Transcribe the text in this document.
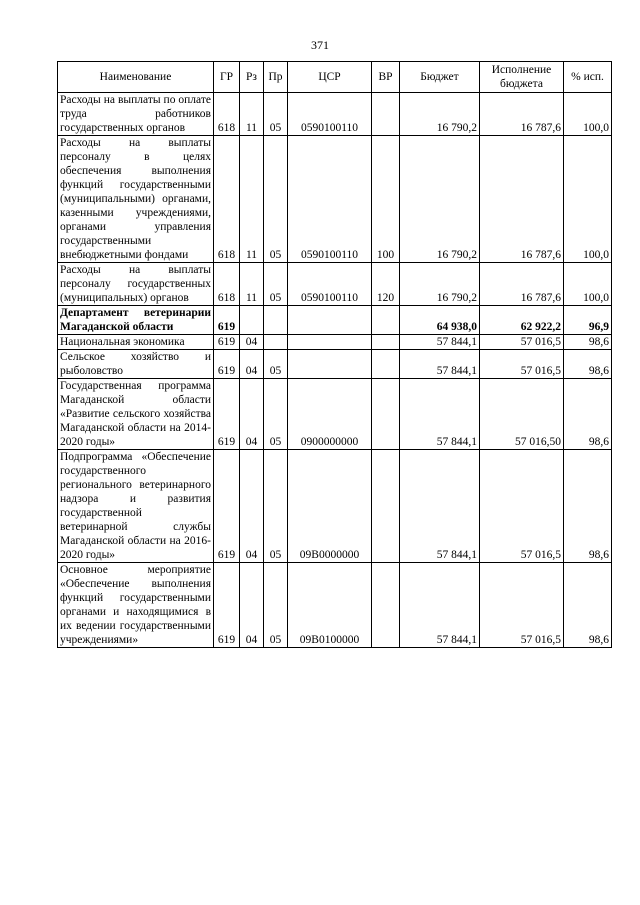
371
Наименование	ГР	Рз	Пр	ЦСР	ВР	Бюджет	Исполнение бюджета	% исп.
Расходы на выплаты по оплате труда работников государственных органов	618	11	05	0590100110		16 790,2	16 787,6	100,0
Расходы на выплаты персоналу в целях обеспечения выполнения функций государственными (муниципальными) органами, казенными учреждениями, органами управления государственными внебюджетными фондами	618	11	05	0590100110	100	16 790,2	16 787,6	100,0
Расходы на выплаты персоналу государственных (муниципальных) органов	618	11	05	0590100110	120	16 790,2	16 787,6	100,0
Департамент ветеринарии Магаданской области	619					64 938,0	62 922,2	96,9
Национальная экономика	619	04				57 844,1	57 016,5	98,6
Сельское хозяйство и рыболовство	619	04	05			57 844,1	57 016,5	98,6
Государственная программа Магаданской области «Развитие сельского хозяйства Магаданской области на 2014-2020 годы»	619	04	05	0900000000		57 844,1	57 016,50	98,6
Подпрограмма «Обеспечение государственного регионального ветеринарного надзора и развития государственной ветеринарной службы Магаданской области на 2016-2020 годы»	619	04	05	09В0000000		57 844,1	57 016,5	98,6
Основное мероприятие «Обеспечение выполнения функций государственными органами и находящимися в их ведении государственными учреждениями»	619	04	05	09В0100000		57 844,1	57 016,5	98,6
